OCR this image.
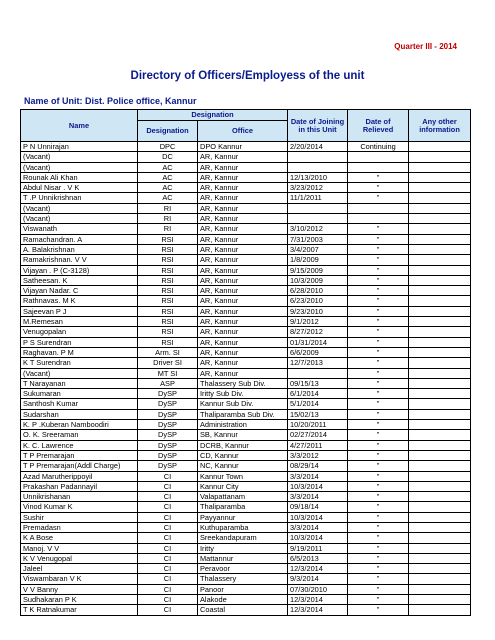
Quarter III - 2014
Directory of Officers/Employess of the unit
Name of Unit: Dist. Police office, Kannur
Name	Designation		Date of Joining in this Unit	Date of Relieved	Any other information
	Designation	Office			
P N Unnirajan	DPC	DPO Kannur	2/20/2014	Continuing	
(Vacant)	DC	AR, Kannur			
(Vacant)	AC	AR, Kannur			
Rounak Ali Khan	AC	AR, Kannur	12/13/2010	"	
Abdul Nisar . V K	AC	AR, Kannur	3/23/2012	"	
T .P Unnikrishnan	AC	AR, Kannur	11/1/2011	"	
(Vacant)	RI	AR, Kannur			
(Vacant)	RI	AR, Kannur			
Viswanath	RI	AR, Kannur	3/10/2012	"	
Ramachandran. A	RSI	AR, Kannur	7/31/2003	"	
A. Balakrishnan	RSI	AR, Kannur	3/4/2007	"	
Ramakrishnan. V V	RSI	AR, Kannur	1/8/2009	"	
Vijayan . P (C-3128)	RSI	AR, Kannur	9/15/2009	"	
Satheesan. K	RSI	AR, Kannur	10/3/2009	"	
Vijayan Nadar. C	RSI	AR, Kannur	6/28/2010	"	
Rathnavas. M K	RSI	AR, Kannur	6/23/2010	"	
Sajeevan P J	RSI	AR, Kannur	9/23/2010	"	
M.Remesan	RSI	AR, Kannur	9/1/2012	"	
Venugopalan	RSI	AR, Kannur	8/27/2012	"	
P S Surendran	RSI	AR, Kannur	01/31/2014	"	
Raghavan. P M	Arm. SI	AR, Kannur	6/6/2009	"	
K T Surendran	Driver SI	AR, Kannur	12/7/2013	"	
(Vacant)	MT SI	AR, Kannur		"	
T Narayanan	ASP	Thalassery Sub Div.	09/15/13	"	
Sukumaran	DySP	Iritty Sub Div.	6/1/2014	"	
Santhosh Kumar	DySP	Kannur Sub Div.	5/1/2014	"	
Sudarshan	DySP	Thaliparamba Sub Div.	15/02/13	"	
K. P .Kuberan Namboodiri	DySP	Administration	10/20/2011	"	
O. K. Sreeraman	DySP	SB, Kannur	02/27/2014	"	
K. C. Lawrence	DySP	DCRB, Kannur	4/27/2011	"	
T P Premarajan	DySP	CD, Kannur	3/3/2012	"	
T P Premarajan(Addl Charge)	DySP	NC, Kannur	08/29/14	"	
Azad Marutherippoyil	CI	Kannur Town	3/3/2014	"	
Prakashan Padannayil	CI	Kannur City	10/3/2014	"	
Unnikrishanan	CI	Valapattanam	3/3/2014	"	
Vinod Kumar K	CI	Thaliparamba	09/18/14	"	
Sushir	CI	Payyannur	10/3/2014	"	
Premadasn	CI	Kuthuparamba	3/3/2014	"	
K A Bose	CI	Sreekandapuram	10/3/2014	"	
Manoj. V V	CI	Iritty	9/19/2011	"	
K V Venugopal	CI	Mattannur	6/5/2013	"	
Jaleel	CI	Peravoor	12/3/2014	"	
Viswambaran V K	CI	Thalassery	9/3/2014	"	
V V Banny	CI	Panoor	07/30/2010	"	
Sudhakaran P K	CI	Alakode	12/3/2014	"	
T K Ratnakumar	CI	Coastal	12/3/2014	"	
